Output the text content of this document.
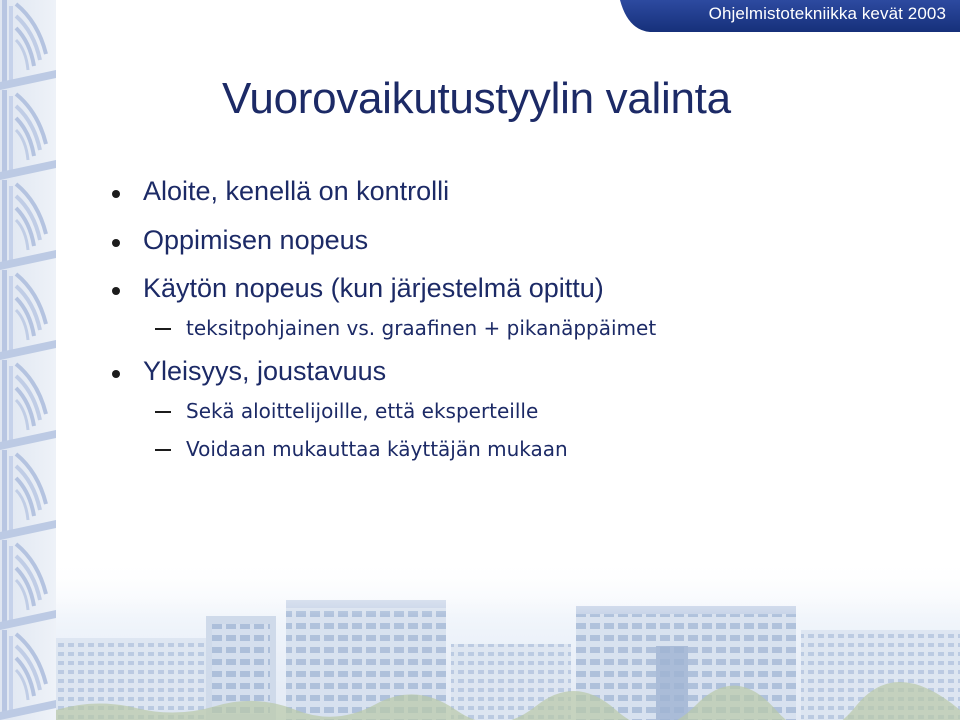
Ohjelmistotekniikka kevät 2003
Vuorovaikutustyylin valinta
Aloite, kenellä on kontrolli
Oppimisen nopeus
Käytön nopeus (kun järjestelmä opittu)
teksitpohjainen vs. graafinen + pikanäppäimet
Yleisyys, joustavuus
Sekä aloittelijoille, että eksperteille
Voidaan mukauttaa käyttäjän mukaan
